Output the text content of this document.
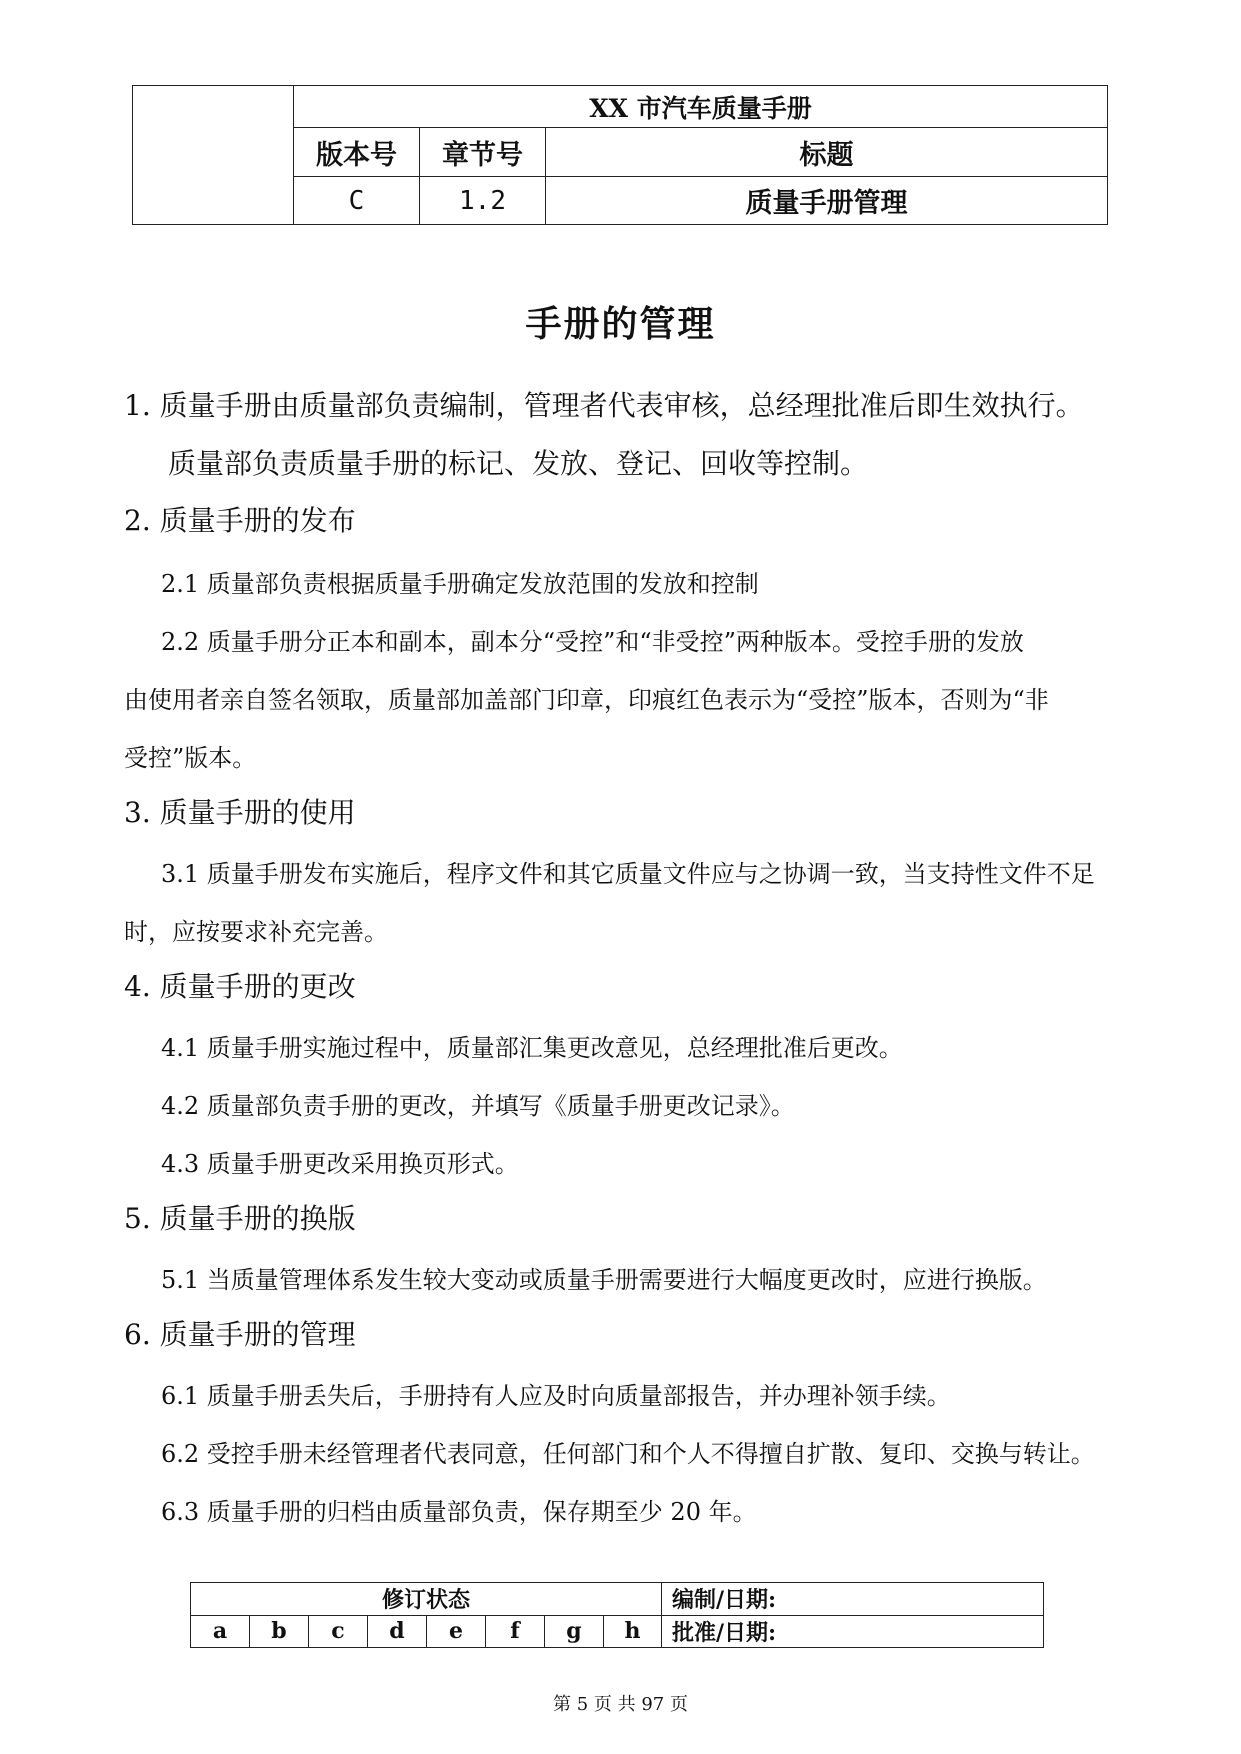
	XX 市汽车质量手册		
	版本号	章节号	标题
	C	1.2	质量手册管理
手册的管理

1. 质量手册由质量部负责编制，管理者代表审核，总经理批准后即生效执行。

质量部负责质量手册的标记、发放、登记、回收等控制。

2. 质量手册的发布

2.1 质量部负责根据质量手册确定发放范围的发放和控制

2.2 质量手册分正本和副本，副本分“受控”和“非受控”两种版本。受控手册的发放

由使用者亲自签名领取，质量部加盖部门印章，印痕红色表示为“受控”版本，否则为“非

受控”版本。

3. 质量手册的使用

3.1 质量手册发布实施后，程序文件和其它质量文件应与之协调一致，当支持性文件不足

时，应按要求补充完善。

4. 质量手册的更改

4.1 质量手册实施过程中，质量部汇集更改意见，总经理批准后更改。

4.2 质量部负责手册的更改，并填写《质量手册更改记录》。

4.3 质量手册更改采用换页形式。

5. 质量手册的换版

5.1 当质量管理体系发生较大变动或质量手册需要进行大幅度更改时，应进行换版。

6. 质量手册的管理

6.1 质量手册丢失后，手册持有人应及时向质量部报告，并办理补领手续。

6.2 受控手册未经管理者代表同意，任何部门和个人不得擅自扩散、复印、交换与转让。

6.3 质量手册的归档由质量部负责，保存期至少 20 年。

修订状态								编制/日期:
a	b	c	d	e	f	g	h	批准/日期:

第 5 页 共 97 页
